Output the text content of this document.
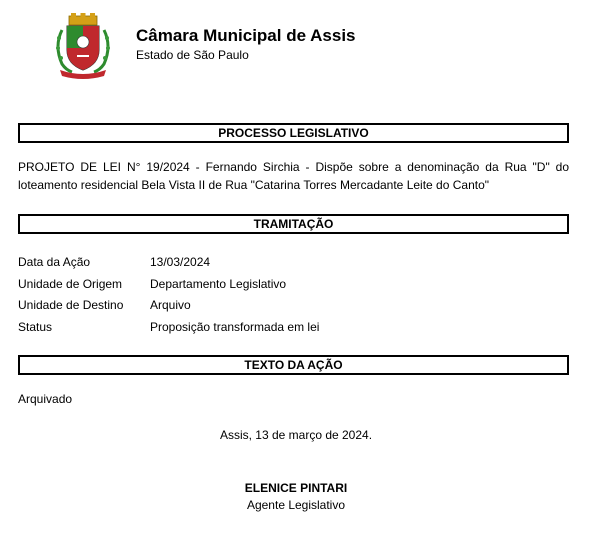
Câmara Municipal de Assis
Estado de São Paulo
PROCESSO LEGISLATIVO
PROJETO DE LEI N° 19/2024 - Fernando Sirchia - Dispõe sobre a denominação da Rua "D" do loteamento residencial Bela Vista II de Rua "Catarina Torres Mercadante Leite do Canto"
TRAMITAÇÃO
Data da Ação	13/03/2024
Unidade de Origem Departamento Legislativo
Unidade de Destino Arquivo
Status	Proposição transformada em lei
TEXTO DA AÇÃO
Arquivado
Assis, 13 de março de 2024.
ELENICE PINTARI
Agente Legislativo
